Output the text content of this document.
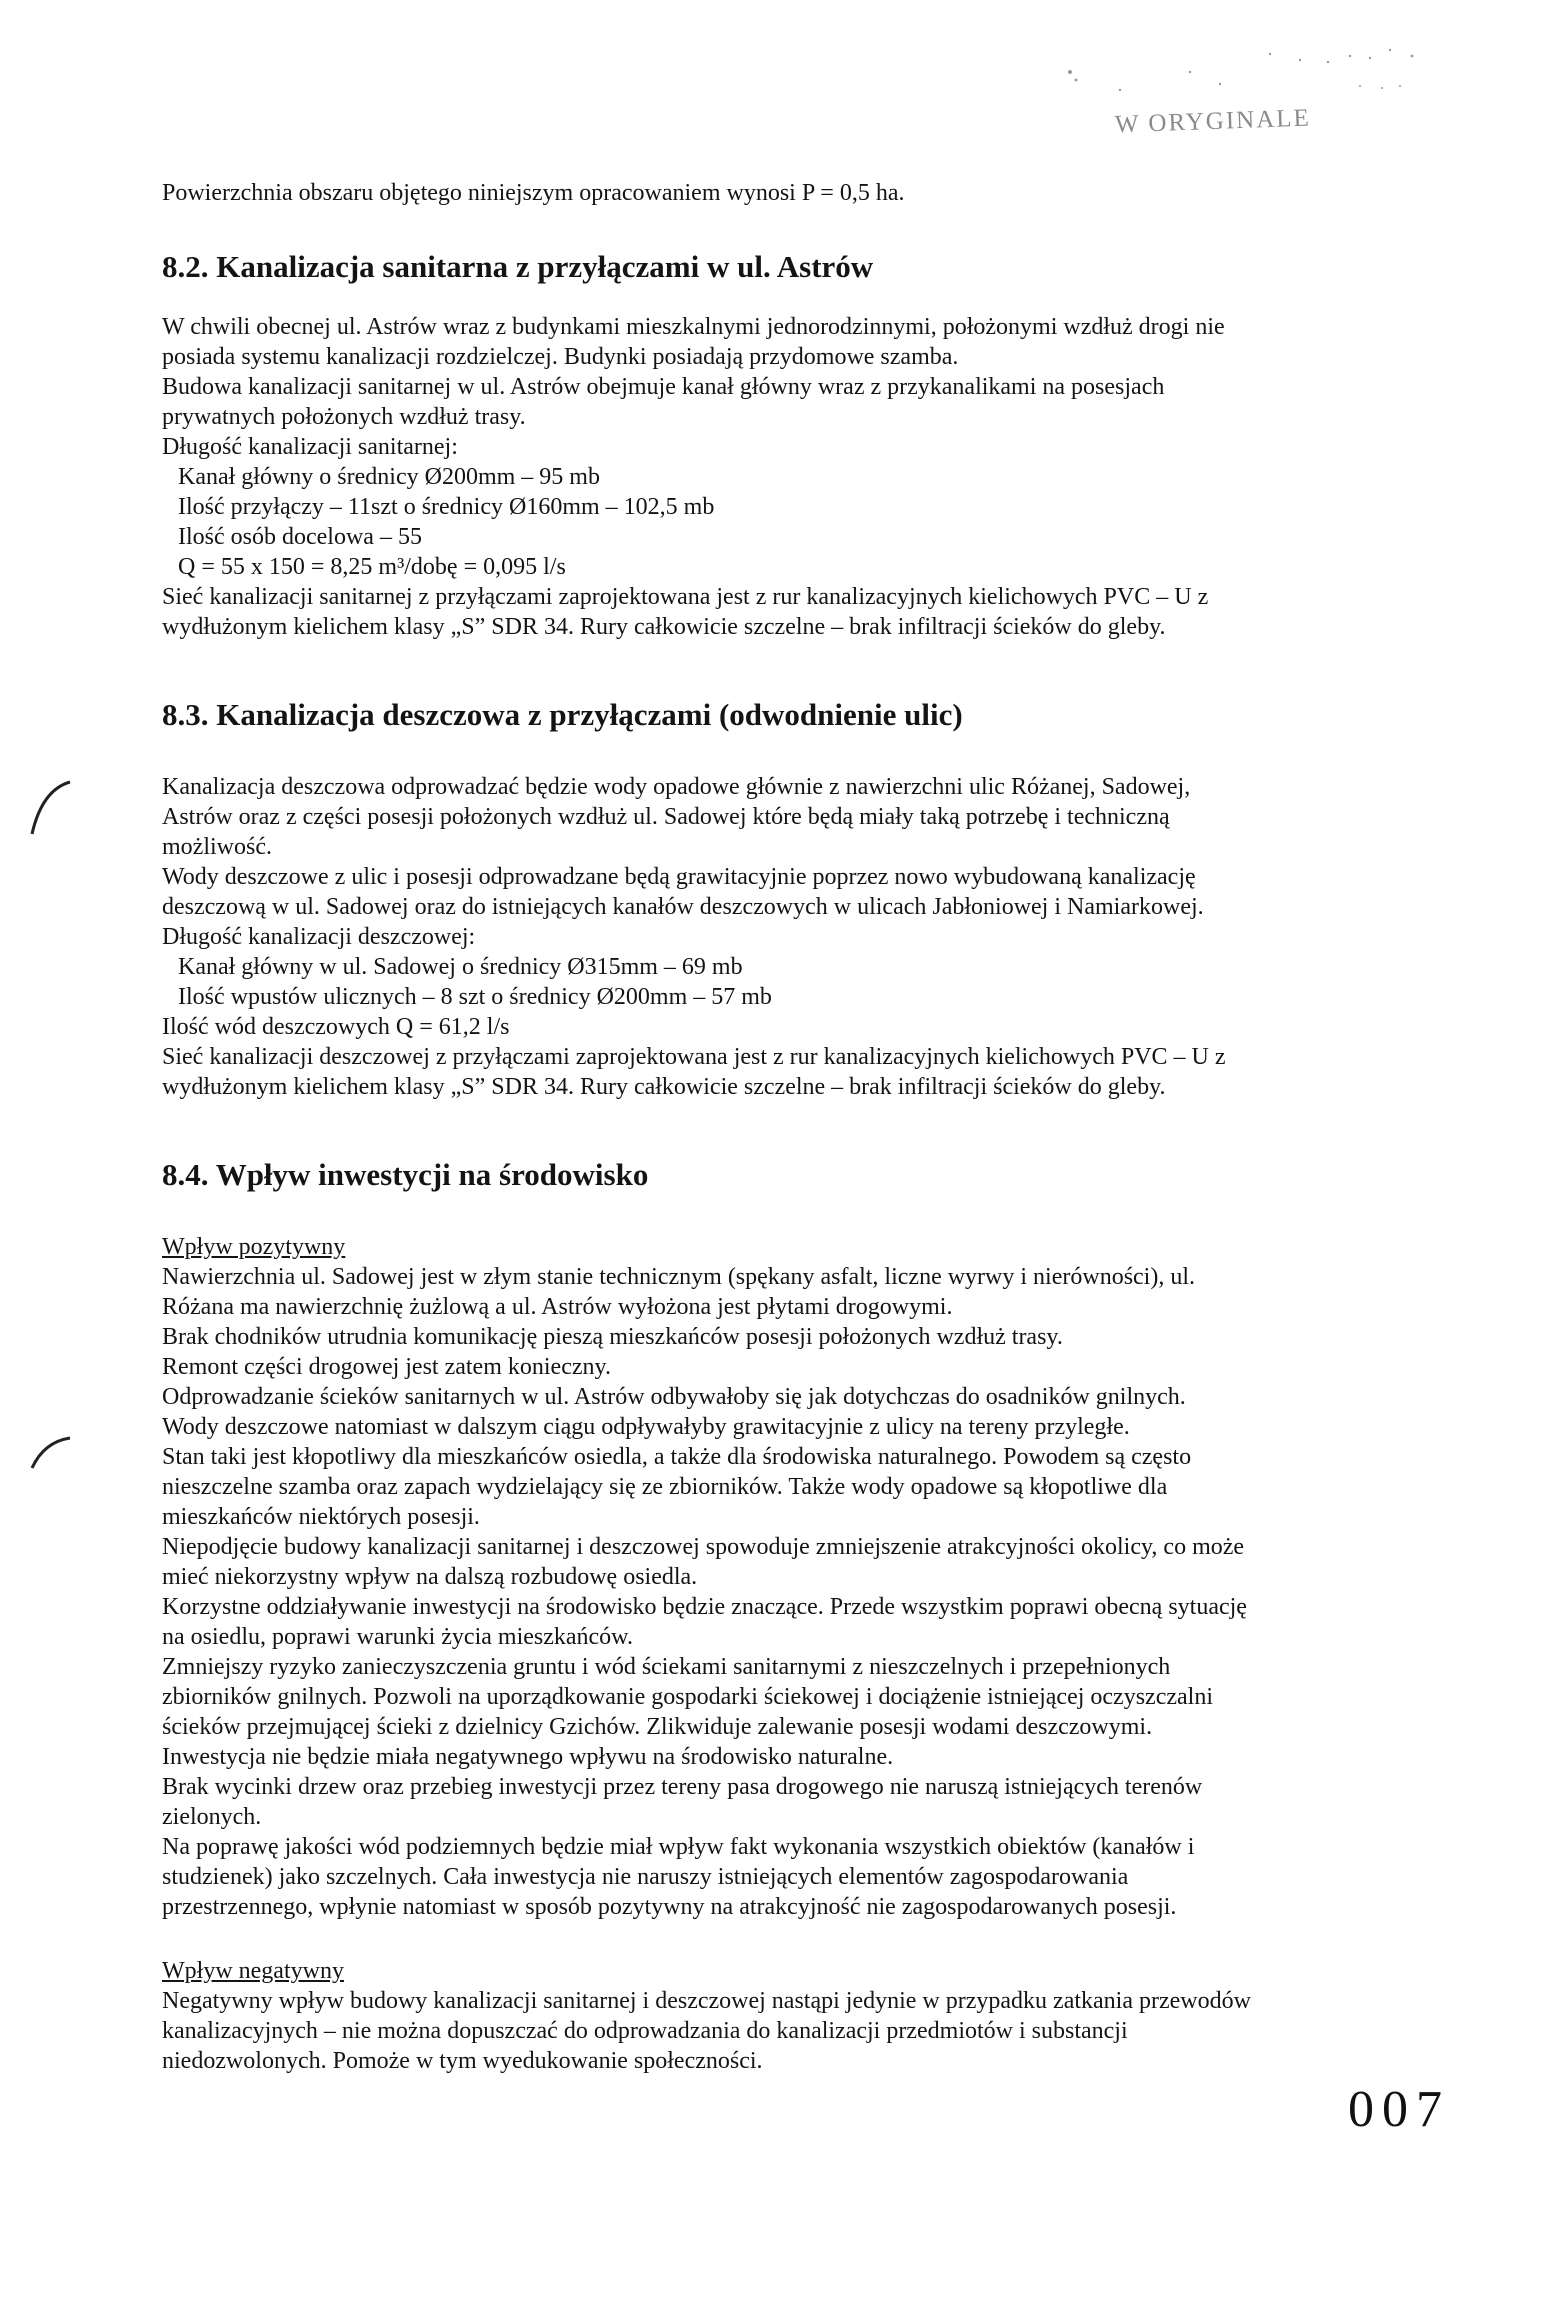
W ORYGINALE
Powierzchnia obszaru objętego niniejszym opracowaniem wynosi P = 0,5 ha.
8.2. Kanalizacja sanitarna z przyłączami w ul. Astrów
W chwili obecnej ul. Astrów wraz z budynkami mieszkalnymi jednorodzinnymi, położonymi wzdłuż drogi nie
posiada systemu kanalizacji rozdzielczej. Budynki posiadają przydomowe szamba.
Budowa kanalizacji sanitarnej w ul. Astrów obejmuje kanał główny wraz z przykanalikami na posesjach
prywatnych położonych wzdłuż trasy.
Długość kanalizacji sanitarnej:
Kanał główny o średnicy Ø200mm – 95 mb
Ilość przyłączy – 11szt o średnicy Ø160mm – 102,5 mb
Ilość osób docelowa – 55
Q = 55 x 150 = 8,25 m³/dobę = 0,095 l/s
Sieć kanalizacji sanitarnej z przyłączami zaprojektowana jest z rur kanalizacyjnych kielichowych PVC – U z
wydłużonym kielichem klasy „S” SDR 34. Rury całkowicie szczelne – brak infiltracji ścieków do gleby.
8.3. Kanalizacja deszczowa z przyłączami (odwodnienie ulic)
Kanalizacja deszczowa odprowadzać będzie wody opadowe głównie z nawierzchni ulic Różanej, Sadowej,
Astrów oraz z części posesji położonych wzdłuż ul. Sadowej które będą miały taką potrzebę i techniczną
możliwość.
Wody deszczowe z ulic i posesji odprowadzane będą grawitacyjnie poprzez nowo wybudowaną kanalizację
deszczową w ul. Sadowej oraz do istniejących kanałów deszczowych w ulicach Jabłoniowej i Namiarkowej.
Długość kanalizacji deszczowej:
Kanał główny w ul. Sadowej o średnicy Ø315mm – 69 mb
Ilość wpustów ulicznych – 8 szt o średnicy Ø200mm – 57 mb
Ilość wód deszczowych Q = 61,2 l/s
Sieć kanalizacji deszczowej z przyłączami zaprojektowana jest z rur kanalizacyjnych kielichowych PVC – U z
wydłużonym kielichem klasy „S” SDR 34. Rury całkowicie szczelne – brak infiltracji ścieków do gleby.
8.4. Wpływ inwestycji na środowisko
Wpływ pozytywny
Nawierzchnia ul. Sadowej jest w złym stanie technicznym (spękany asfalt, liczne wyrwy i nierówności), ul.
Różana ma nawierzchnię żużlową a ul. Astrów wyłożona jest płytami drogowymi.
Brak chodników utrudnia komunikację pieszą mieszkańców posesji położonych wzdłuż trasy.
Remont części drogowej jest zatem konieczny.
Odprowadzanie ścieków sanitarnych w ul. Astrów odbywałoby się jak dotychczas do osadników gnilnych.
Wody deszczowe natomiast w dalszym ciągu odpływałyby grawitacyjnie z ulicy na tereny przyległe.
Stan taki jest kłopotliwy dla mieszkańców osiedla, a także dla środowiska naturalnego. Powodem są często
nieszczelne szamba oraz zapach wydzielający się ze zbiorników. Także wody opadowe są kłopotliwe dla
mieszkańców niektórych posesji.
Niepodjęcie budowy kanalizacji sanitarnej i deszczowej spowoduje zmniejszenie atrakcyjności okolicy, co może
mieć niekorzystny wpływ na dalszą rozbudowę osiedla.
Korzystne oddziaływanie inwestycji na środowisko będzie znaczące. Przede wszystkim poprawi obecną sytuację
na osiedlu, poprawi warunki życia mieszkańców.
Zmniejszy ryzyko zanieczyszczenia gruntu i wód ściekami sanitarnymi z nieszczelnych i przepełnionych
zbiorników gnilnych. Pozwoli na uporządkowanie gospodarki ściekowej i dociążenie istniejącej oczyszczalni
ścieków przejmującej ścieki z dzielnicy Gzichów. Zlikwiduje zalewanie posesji wodami deszczowymi.
Inwestycja nie będzie miała negatywnego wpływu na środowisko naturalne.
Brak wycinki drzew oraz przebieg inwestycji przez tereny pasa drogowego nie naruszą istniejących terenów
zielonych.
Na poprawę jakości wód podziemnych będzie miał wpływ fakt wykonania wszystkich obiektów (kanałów i
studzienek) jako szczelnych. Cała inwestycja nie naruszy istniejących elementów zagospodarowania
przestrzennego, wpłynie natomiast w sposób pozytywny na atrakcyjność nie zagospodarowanych posesji.
Wpływ negatywny
Negatywny wpływ budowy kanalizacji sanitarnej i deszczowej nastąpi jedynie w przypadku zatkania przewodów
kanalizacyjnych – nie można dopuszczać do odprowadzania do kanalizacji przedmiotów i substancji
niedozwolonych. Pomoże w tym wyedukowanie społeczności.
007
